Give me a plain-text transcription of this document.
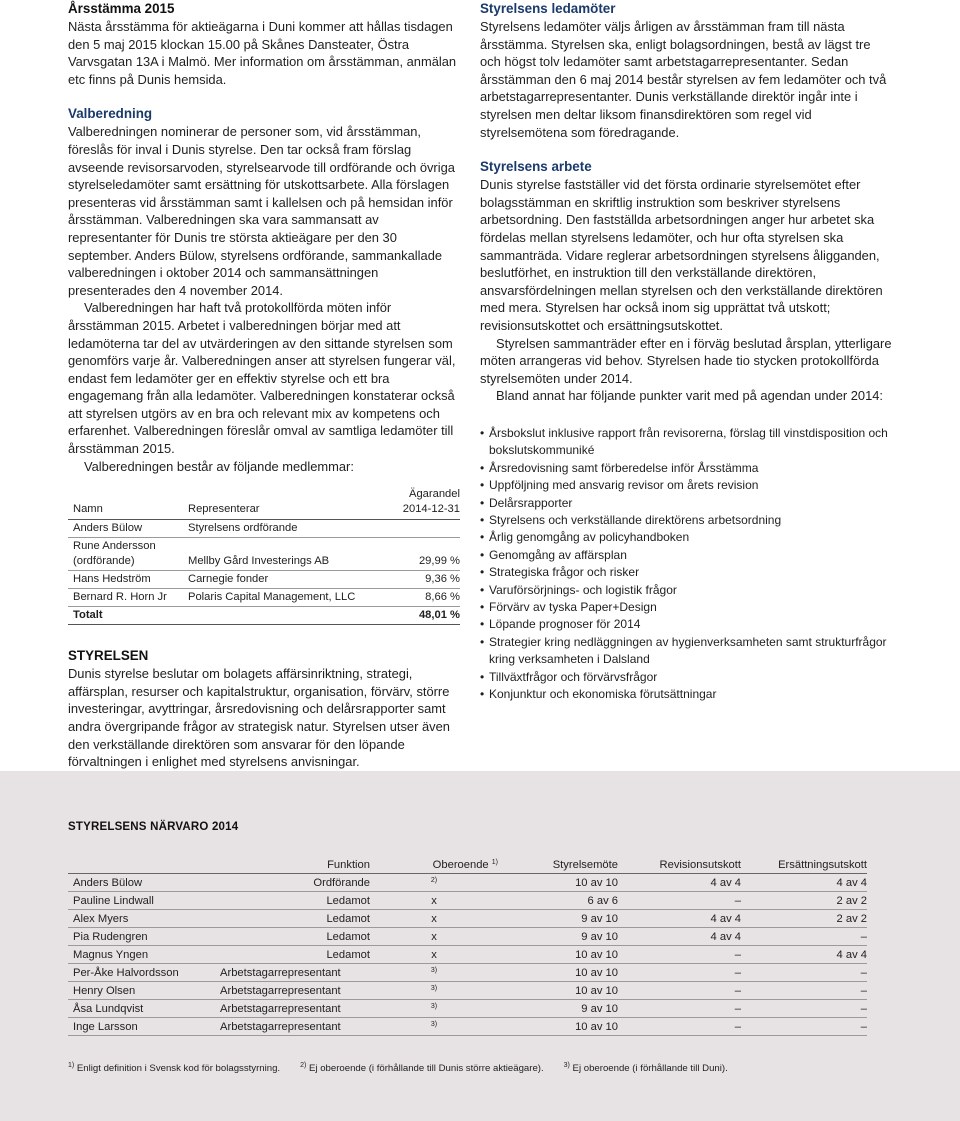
Årsstämma 2015
Nästa årsstämma för aktieägarna i Duni kommer att hållas tisdagen den 5 maj 2015 klockan 15.00 på Skånes Dansteater, Östra Varvsgatan 13A i Malmö. Mer information om årsstämman, anmälan etc finns på Dunis hemsida.
Valberedning
Valberedningen nominerar de personer som, vid årsstämman, föreslås för inval i Dunis styrelse. Den tar också fram förslag avseende revisorsarvoden, styrelsearvode till ordförande och övriga styrelseledamöter samt ersättning för utskottsarbete. Alla förslagen presenteras vid årsstämman samt i kallelsen och på hemsidan inför årsstämman. Valberedningen ska vara sammansatt av representanter för Dunis tre största aktieägare per den 30 september. Anders Bülow, styrelsens ordförande, sammankallade valberedningen i oktober 2014 och sammansättningen presenterades den 4 november 2014.
Valberedningen har haft två protokollförda möten inför årsstämman 2015. Arbetet i valberedningen börjar med att ledamöterna tar del av utvärderingen av den sittande styrelsen som genomförs varje år. Valberedningen anser att styrelsen fungerar väl, endast fem ledamöter ger en effektiv styrelse och ett bra engagemang från alla ledamöter. Valberedningen konstaterar också att styrelsen utgörs av en bra och relevant mix av kompetens och erfarenhet. Valberedningen föreslår omval av samtliga ledamöter till årsstämman 2015.
Valberedningen består av följande medlemmar:
Namn	Representerar
Ägarandel
2014-12-31
Anders Bülow	Styrelsens ordförande
Rune Andersson
(ordförande)	Mellby Gård Investerings AB	29,99 %
Hans Hedström	Carnegie fonder	9,36 %
Bernard R. Horn Jr	Polaris Capital Management, LLC	8,66 %
Totalt	48,01 %
STYRELSEN
Dunis styrelse beslutar om bolagets affärsinriktning, strategi, affärsplan, resurser och kapitalstruktur, organisation, förvärv, större investeringar, avyttringar, årsredovisning och delårsrapporter samt andra övergripande frågor av strategisk natur. Styrelsen utser även den verkställande direktören som ansvarar för den löpande förvaltningen i enlighet med styrelsens anvisningar.
Styrelsens ledamöter
Styrelsens ledamöter väljs årligen av årsstämman fram till nästa årsstämma. Styrelsen ska, enligt bolagsordningen, bestå av lägst tre och högst tolv ledamöter samt arbetstagarrepresentanter. Sedan årsstämman den 6 maj 2014 består styrelsen av fem ledamöter och två arbetstagarrepresentanter. Dunis verkställande direktör ingår inte i styrelsen men deltar liksom finansdirektören som regel vid styrelsemötena som föredragande.
Styrelsens arbete
Dunis styrelse fastställer vid det första ordinarie styrelsemötet efter bolagsstämman en skriftlig instruktion som beskriver styrelsens arbetsordning. Den fastställda arbetsordningen anger hur arbetet ska fördelas mellan styrelsens ledamöter, och hur ofta styrelsen ska sammanträda. Vidare reglerar arbetsordningen styrelsens åligganden, beslutförhet, en instruktion till den verkställande direktören, ansvarsfördelningen mellan styrelsen och den verkställande direktören med mera. Styrelsen har också inom sig upprättat två utskott; revisionsutskottet och ersättningsutskottet.
Styrelsen sammanträder efter en i förväg beslutad årsplan, ytterligare möten arrangeras vid behov. Styrelsen hade tio stycken protokollförda styrelsemöten under 2014.
Bland annat har följande punkter varit med på agendan under 2014:
• Årsbokslut inklusive rapport från revisorerna, förslag till vinstdisposition och bokslutskommuniké
• Årsredovisning samt förberedelse inför Årsstämma
• Uppföljning med ansvarig revisor om årets revision
• Delårsrapporter
• Styrelsens och verkställande direktörens arbetsordning
• Årlig genomgång av policyhandboken
• Genomgång av affärsplan
• Strategiska frågor och risker
• Varuförsörjnings- och logistik frågor
• Förvärv av tyska Paper+Design
• Löpande prognoser för 2014
• Strategier kring nedläggningen av hygienverksamheten samt strukturfrågor kring verksamheten i Dalsland
• Tillväxtfrågor och förvärvsfrågor
• Konjunktur och ekonomiska förutsättningar
STYRELSENS NÄRVARO 2014
	Funktion	Oberoende $^{1)}$	Styrelsemöte	Revisionsutskott	Ersättningsutskott
Anders Bülow	Ordförande	$^{2)}$	10 av 10	4 av 4	4 av 4
Pauline Lindwall	Ledamot	x	6 av 6	–	2 av 2
Alex Myers	Ledamot	x	9 av 10	4 av 4	2 av 2
Pia Rudengren	Ledamot	x	9 av 10	4 av 4	–
Magnus Yngen	Ledamot	x	10 av 10	–	4 av 4
Per-Åke Halvordsson	Arbetstagarrepresentant	$^{3)}$	10 av 10	–	–
Henry Olsen	Arbetstagarrepresentant	$^{3)}$	10 av 10	–	–
Åsa Lundqvist	Arbetstagarrepresentant	$^{3)}$	9 av 10	–	–
Inge Larsson	Arbetstagarrepresentant	$^{3)}$	10 av 10	–	–
$^{1)}$ Enligt definition i Svensk kod för bolagsstyrning.	$^{2)}$ Ej oberoende (i förhållande till Dunis större aktieägare).	$^{3)}$ Ej oberoende (i förhållande till Duni).
